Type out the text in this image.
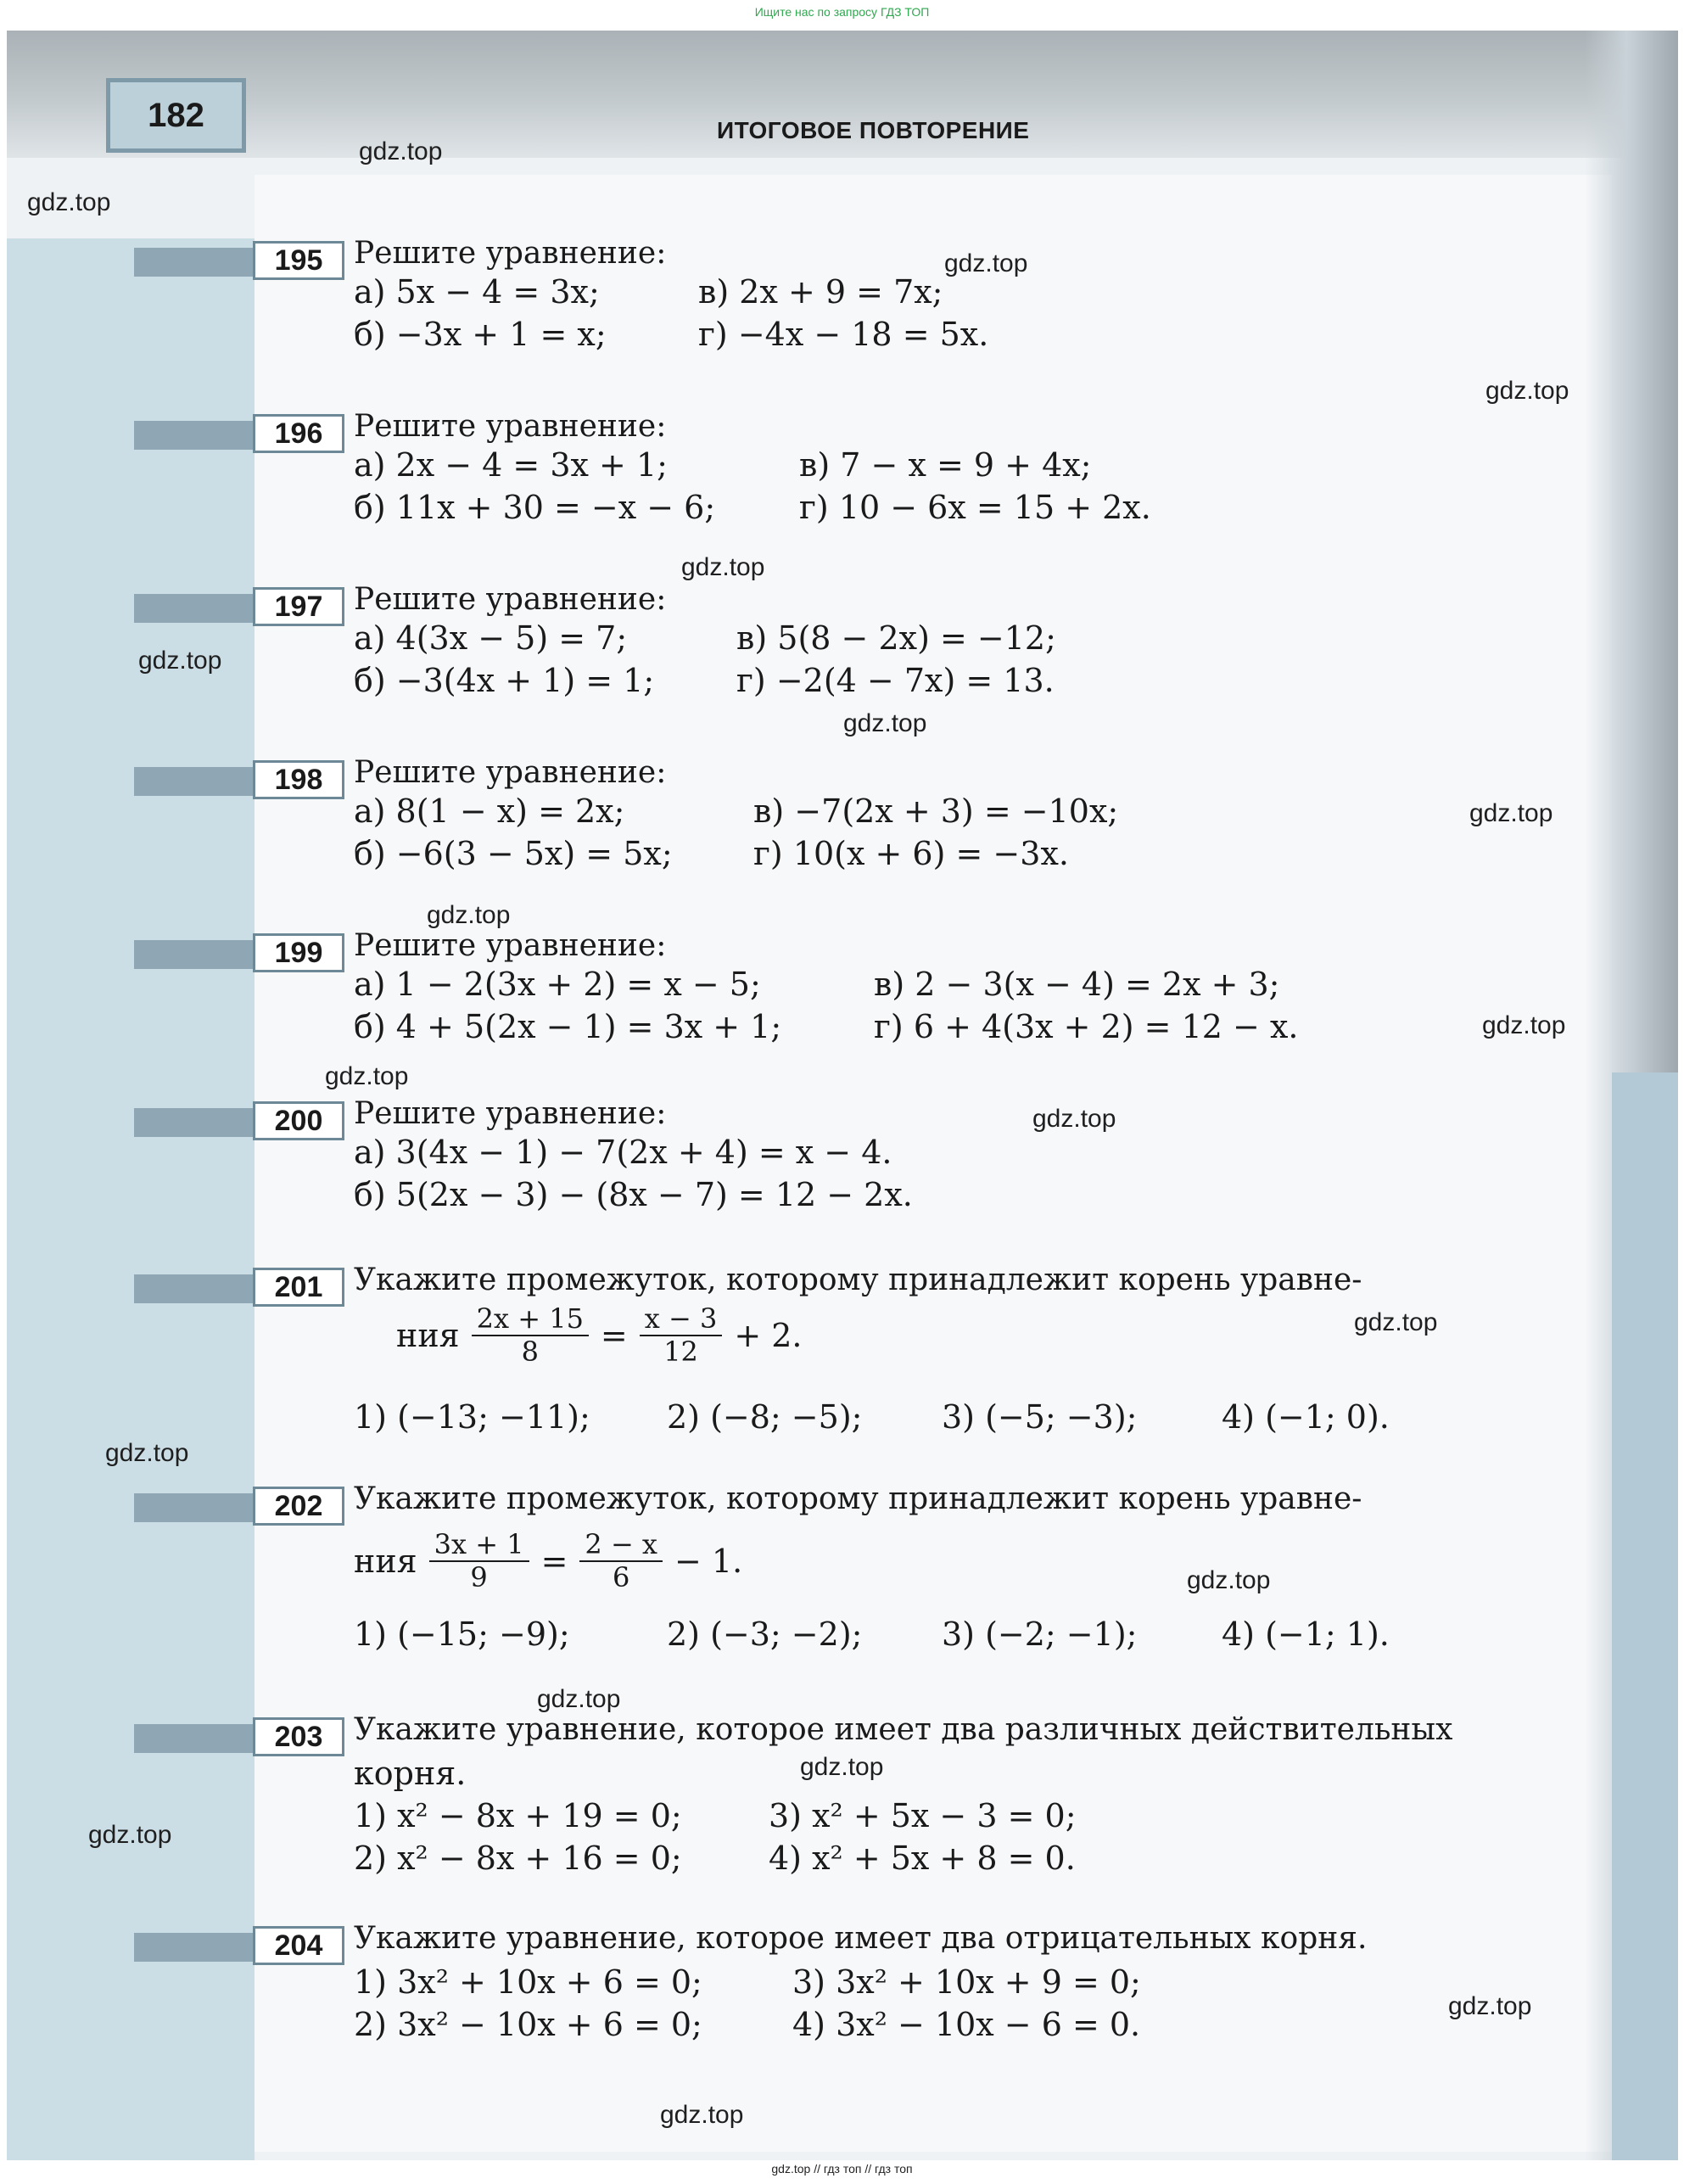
Ищите нас по запросу ГДЗ ТОП
182	ИТОГОВОЕ ПОВТОРЕНИЕ
195	Решите уравнение:
а) 5x − 4 = 3x;	в) 2x + 9 = 7x;
б) −3x + 1 = x;	г) −4x − 18 = 5x.
196	Решите уравнение:
а) 2x − 4 = 3x + 1;	в) 7 − x = 9 + 4x;
б) 11x + 30 = −x − 6;	г) 10 − 6x = 15 + 2x.
197	Решите уравнение:
а) 4(3x − 5) = 7;	в) 5(8 − 2x) = −12;
б) −3(4x + 1) = 1;	г) −2(4 − 7x) = 13.
198	Решите уравнение:
а) 8(1 − x) = 2x;	в) −7(2x + 3) = −10x;
б) −6(3 − 5x) = 5x;	г) 10(x + 6) = −3x.
199	Решите уравнение:
а) 1 − 2(3x + 2) = x − 5;	в) 2 − 3(x − 4) = 2x + 3;
б) 4 + 5(2x − 1) = 3x + 1;	г) 6 + 4(3x + 2) = 12 − x.
200	Решите уравнение:
а) 3(4x − 1) − 7(2x + 4) = x − 4.
б) 5(2x − 3) − (8x − 7) = 12 − 2x.
201	Укажите промежуток, которому принадлежит корень уравне-
ния $\frac{2x + 15}{8} = \frac{x - 3}{12} + 2$.
1) (−13; −11); 2) (−8; −5); 3) (−5; −3);	4) (−1; 0).
202	Укажите промежуток, которому принадлежит корень уравне-
ния $\frac{3x + 1}{9} = \frac{2 - x}{6} - 1$.
1) (−15; −9);	2) (−3; −2); 3) (−2; −1);	4) (−1; 1).
203	Укажите уравнение, которое имеет два различных действительных
корня.
1) x² − 8x + 19 = 0;	3) x² + 5x − 3 = 0;
2) x² − 8x + 16 = 0;	4) x² + 5x + 8 = 0.
204	Укажите уравнение, которое имеет два отрицательных корня.
1) 3x² + 10x + 6 = 0;	3) 3x² + 10x + 9 = 0;
2) 3x² − 10x + 6 = 0;	4) 3x² − 10x − 6 = 0.
gdz.top
gdz.top
gdz.top
gdz.top
gdz.top
gdz.top
gdz.top
gdz.top
gdz.top
gdz.top
gdz.top
gdz.top
gdz.top
gdz.top
gdz.top
gdz.top
gdz.top
gdz.top
gdz.top
gdz.top
gdz.top // гдз топ // гдз топ
